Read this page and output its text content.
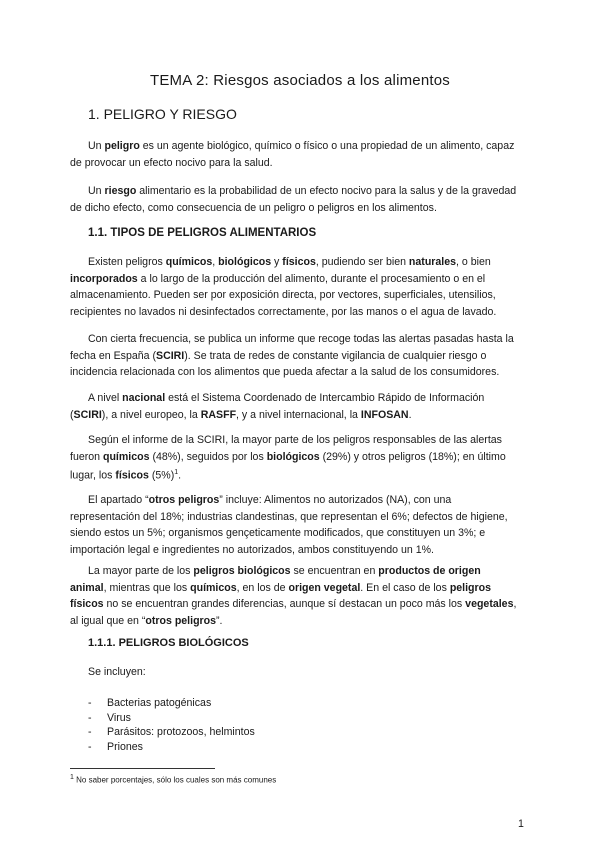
TEMA 2: Riesgos asociados a los alimentos
1. PELIGRO Y RIESGO

Un peligro es un agente biológico, químico o físico o una propiedad de un alimento, capaz de provocar un efecto nocivo para la salud.

Un riesgo alimentario es la probabilidad de un efecto nocivo para la salus y de la gravedad de dicho efecto, como consecuencia de un peligro o peligros en los alimentos.

1.1. TIPOS DE PELIGROS ALIMENTARIOS

Existen peligros químicos, biológicos y físicos, pudiendo ser bien naturales, o bien incorporados a lo largo de la producción del alimento, durante el procesamiento o en el almacenamiento. Pueden ser por exposición directa, por vectores, superficiales, utensilios, recipientes no lavados ni desinfectados correctamente, por las manos o el agua de lavado.

Con cierta frecuencia, se publica un informe que recoge todas las alertas pasadas hasta la fecha en España (SCIRI). Se trata de redes de constante vigilancia de cualquier riesgo o incidencia relacionada con los alimentos que pueda afectar a la salud de los consumidores.

A nivel nacional está el Sistema Coordenado de Intercambio Rápido de Información (SCIRI), a nivel europeo, la RASFF, y a nivel internacional, la INFOSAN.

Según el informe de la SCIRI, la mayor parte de los peligros responsables de las alertas fueron químicos (48%), seguidos por los biológicos (29%) y otros peligros (18%); en último lugar, los físicos $(5\%)^1$.

El apartado “otros peligros” incluye: Alimentos no autorizados (NA), con una representación del 18%; industrias clandestinas, que representan el 6%; defectos de higiene, siendo estos un 5%; organismos gençeticamente modificados, que constituyen un 3%; e importación legal e ingredientes no autorizados, ambos constituyendo un 1%.

La mayor parte de los peligros biológicos se encuentran en productos de origen animal, mientras que los químicos, en los de origen vegetal. En el caso de los peligros físicos no se encuentran grandes diferencias, aunque sí destacan un poco más los vegetales, al igual que en “otros peligros”.

1.1.1. PELIGROS BIOLÓGICOS
Se incluyen:
- Bacterias patogénicas
- Virus
- Parásitos: protozoos, helmintos
- Priones
$^1$ No saber porcentajes, sólo los cuales son más comunes
1
